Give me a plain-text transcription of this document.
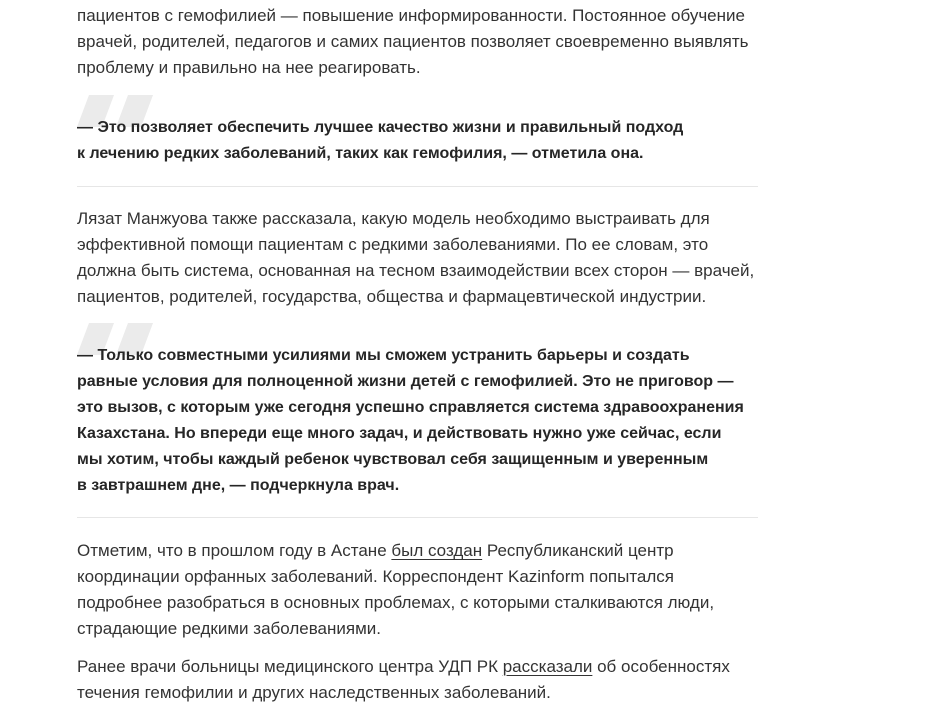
пациентов с гемофилией — повышение информированности. Постоянное обучение
врачей, родителей, педагогов и самих пациентов позволяет своевременно выявлять
проблему и правильно на нее реагировать.
— Это позволяет обеспечить лучшее качество жизни и правильный подход
к лечению редких заболеваний, таких как гемофилия, — отметила она.
Лязат Манжуова также рассказала, какую модель необходимо выстраивать для
эффективной помощи пациентам с редкими заболеваниями. По ее словам, это
должна быть система, основанная на тесном взаимодействии всех сторон — врачей,
пациентов, родителей, государства, общества и фармацевтической индустрии.
— Только совместными усилиями мы сможем устранить барьеры и создать
равные условия для полноценной жизни детей с гемофилией. Это не приговор —
это вызов, с которым уже сегодня успешно справляется система здравоохранения
Казахстана. Но впереди еще много задач, и действовать нужно уже сейчас, если
мы хотим, чтобы каждый ребенок чувствовал себя защищенным и уверенным
в завтрашнем дне, — подчеркнула врач.
Отметим, что в прошлом году в Астане был создан Республиканский центр
координации орфанных заболеваний. Корреспондент Kazinform попытался
подробнее разобраться в основных проблемах, с которыми сталкиваются люди,
страдающие редкими заболеваниями.
Ранее врачи больницы медицинского центра УДП РК рассказали об особенностях
течения гемофилии и других наследственных заболеваний.
